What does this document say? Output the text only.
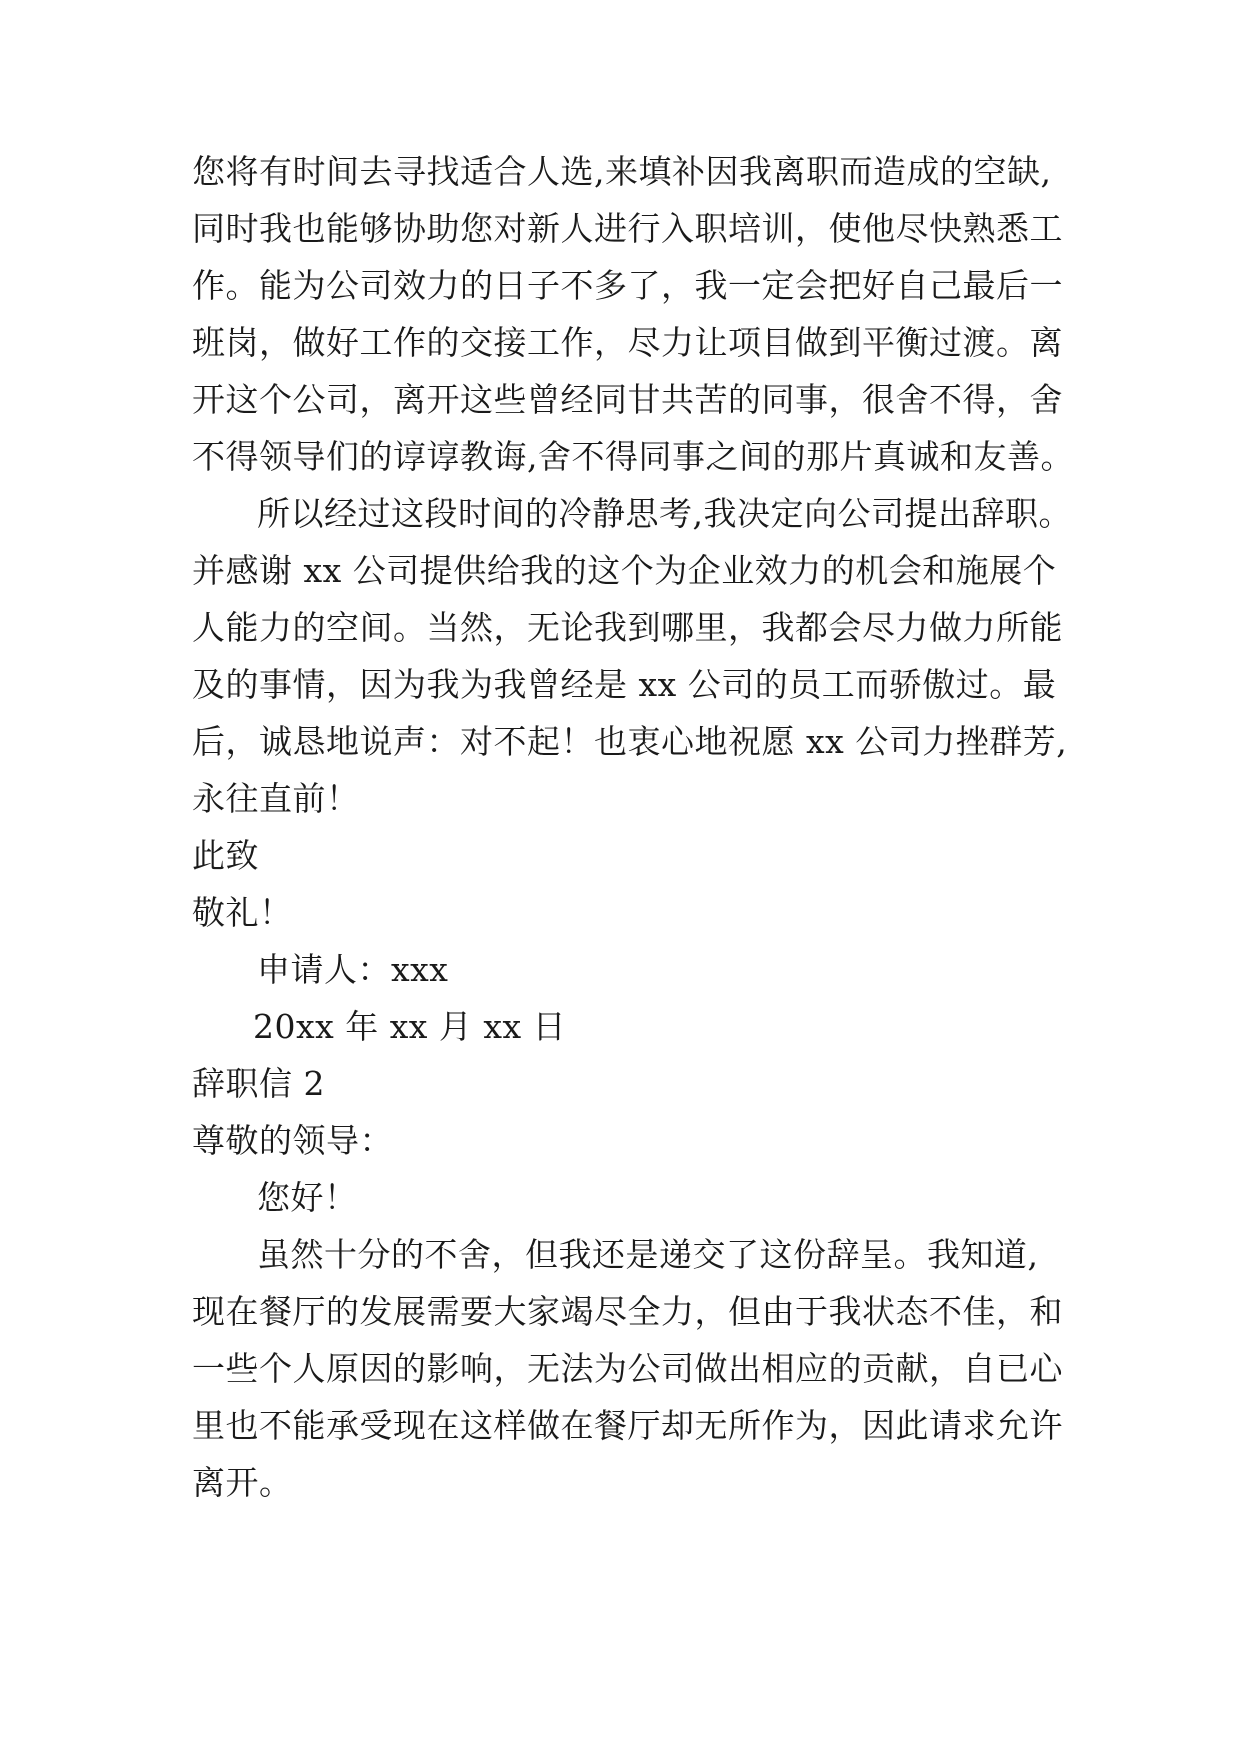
您将有时间去寻找适合人选,来填补因我离职而造成的空缺,
同时我也能够协助您对新人进行入职培训，使他尽快熟悉工
作。能为公司效力的日子不多了，我一定会把好自己最后一
班岗，做好工作的交接工作，尽力让项目做到平衡过渡。离
开这个公司，离开这些曾经同甘共苦的同事，很舍不得，舍
不得领导们的谆谆教诲,舍不得同事之间的那片真诚和友善。
所以经过这段时间的冷静思考,我决定向公司提出辞职。
并感谢 xx 公司提供给我的这个为企业效力的机会和施展个
人能力的空间。当然，无论我到哪里，我都会尽力做力所能
及的事情，因为我为我曾经是 xx 公司的员工而骄傲过。最
后，诚恳地说声：对不起！也衷心地祝愿 xx 公司力挫群芳,
永往直前！
此致
敬礼！
申请人：xxx
20xx 年 xx 月 xx 日
辞职信 2
尊敬的领导：
您好！
虽然十分的不舍，但我还是递交了这份辞呈。我知道,
现在餐厅的发展需要大家竭尽全力，但由于我状态不佳，和
一些个人原因的影响，无法为公司做出相应的贡献，自已心
里也不能承受现在这样做在餐厅却无所作为，因此请求允许
离开。
